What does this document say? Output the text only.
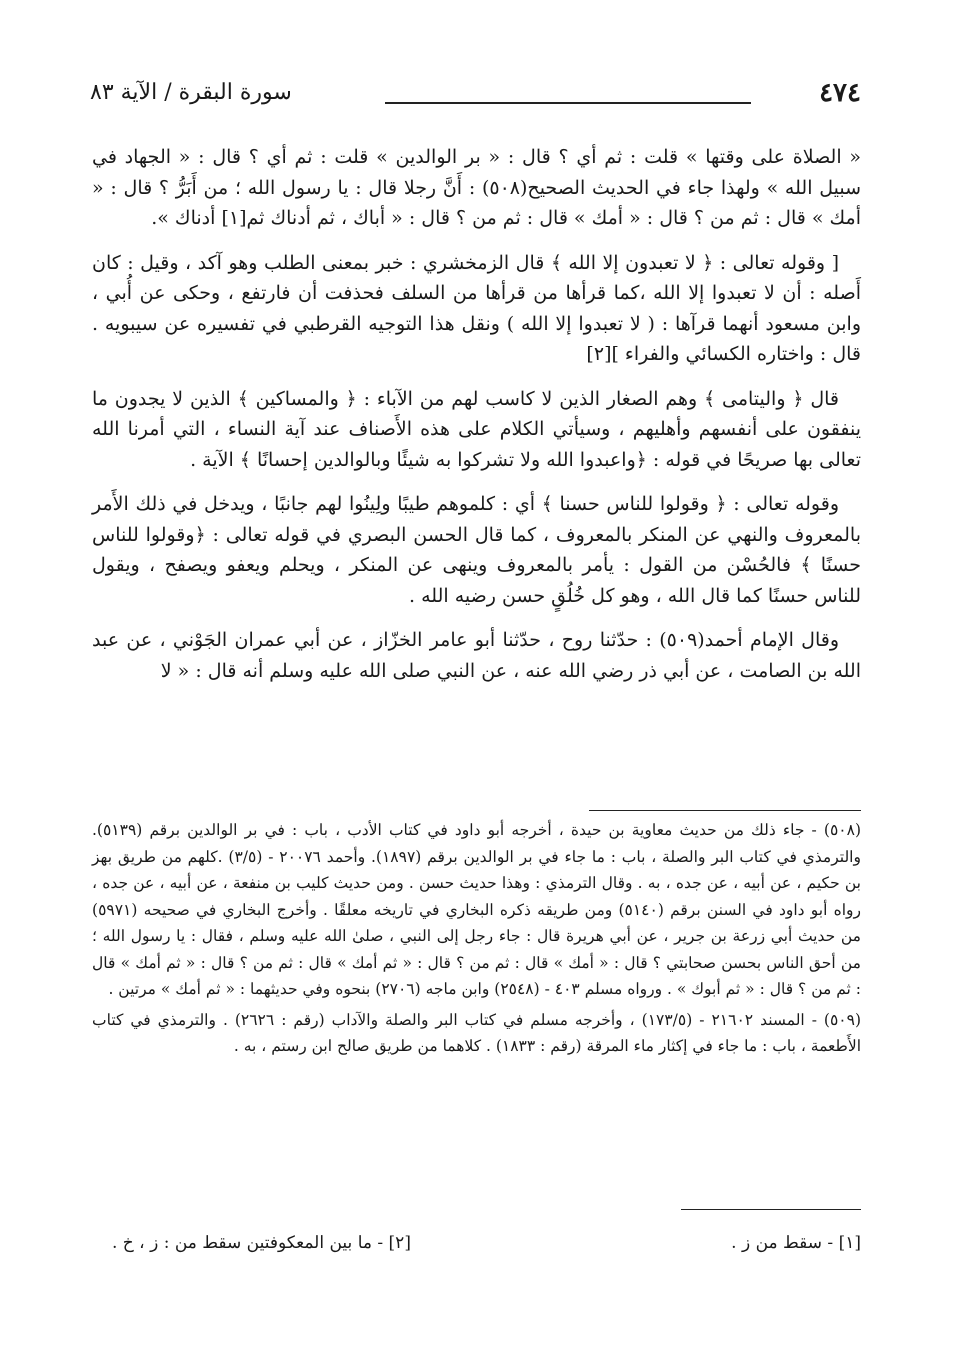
٤٧٤
سورة البقرة / الآية ٨٣

« الصلاة على وقتها » قلت : ثم أي ؟ قال : « بر الوالدين » قلت : ثم أي ؟ قال : « الجهاد في سبيل الله » ولهذا جاء في الحديث الصحيح(٥٠٨) : أَنَّ رجلا قال : يا رسول الله ؛ من أَبَرُّ ؟ قال : « أمك » قال : ثم من ؟ قال : « أمك » قال : ثم من ؟ قال : « أباك ، ثم أدناك ثم[١] أدناك ».

[ وقوله تعالى : ﴿ لا تعبدون إلا الله ﴾ قال الزمخشري : خبر بمعنى الطلب وهو آكد ، وقيل : كان أَصله : أن لا تعبدوا إلا الله ،كما قرأها من قرأها من السلف فحذفت أن فارتفع ، وحكى عن أُبي ، وابن مسعود أنهما قرآها : ( لا تعبدوا إلا الله ) ونقل هذا التوجيه القرطبي في تفسيره عن سيبويه . قال : واختاره الكسائي والفراء ][٢]

قال ﴿ واليتامى ﴾ وهم الصغار الذين لا كاسب لهم من الآباء : ﴿ والمساكين ﴾ الذين لا يجدون ما ينفقون على أنفسهم وأهليهم ، وسيأتي الكلام على هذه الأَصناف عند آية النساء ، التي أمرنا الله تعالى بها صريحًا في قوله : ﴿واعبدوا الله ولا تشركوا به شيئًا وبالوالدين إحسانًا ﴾ الآية .

وقوله تعالى : ﴿ وقولوا للناس حسنا ﴾ أي : كلموهم طيبًا ولِينُوا لهم جانبًا ، ويدخل في ذلك الأَمر بالمعروف والنهي عن المنكر بالمعروف ، كما قال الحسن البصري في قوله تعالى : ﴿وقولوا للناس حسنًا ﴾ فالحُسْن من القول : يأمر بالمعروف وينهى عن المنكر ، ويحلم ويعفو ويصفح ، ويقول للناس حسنًا كما قال الله ، وهو كل خُلُقٍ حسن رضيه الله .

وقال الإمام أحمد(٥٠٩) : حدّثنا روح ، حدّثنا أبو عامر الخزّاز ، عن أبي عمران الجَوْني ، عن عبد الله بن الصامت ، عن أبي ذر رضي الله عنه ، عن النبي صلى الله عليه وسلم أنه قال : « لا

(٥٠٨) - جاء ذلك من حديث معاوية بن حيدة ، أخرجه أبو داود في كتاب الأدب ، باب : في بر الوالدين برقم (٥١٣٩). والترمذي في كتاب البر والصلة ، باب : ما جاء في بر الوالدين برقم (١٨٩٧). وأحمد ٢٠٠٧٦ - (٣/٥) .كلهم من طريق بهز بن حكيم ، عن أبيه ، عن جده ، به . وقال الترمذي : وهذا حديث حسن . ومن حديث كليب بن منفعة ، عن أبيه ، عن جده ، رواه أبو داود في السنن برقم (٥١٤٠) ومن طريقه ذكره البخاري في تاريخه معلقًا . وأخرج البخاري في صحيحه (٥٩٧١) من حديث أبي زرعة بن جرير ، عن أبي هريرة قال : جاء رجل إلى النبي ، صلىٰ الله عليه وسلم ، فقال : يا رسول الله ؛ من أحق الناس بحسن صحابتي ؟ قال : « أمك » قال : ثم من ؟ قال : « ثم أمك » قال : ثم من ؟ قال : « ثم أمك » قال : ثم من ؟ قال : « ثم أبوك » . ورواه مسلم ٤٠٣ - (٢٥٤٨) وابن ماجه (٢٧٠٦) بنحوه وفي حديثهما : « ثم أمك » مرتين .

(٥٠٩) - المسند ٢١٦٠٢ - (١٧٣/٥) ، وأخرجه مسلم في كتاب البر والصلة والآداب (رقم : ٢٦٢٦) . والترمذي في كتاب الأَطعمة ، باب : ما جاء في إكثار ماء المرقة (رقم : ١٨٣٣) . كلاهما من طريق صالح ابن رستم ، به .

[١] - سقط من ز .
[٢] - ما بين المعكوفتين سقط من : ز ، خ .
